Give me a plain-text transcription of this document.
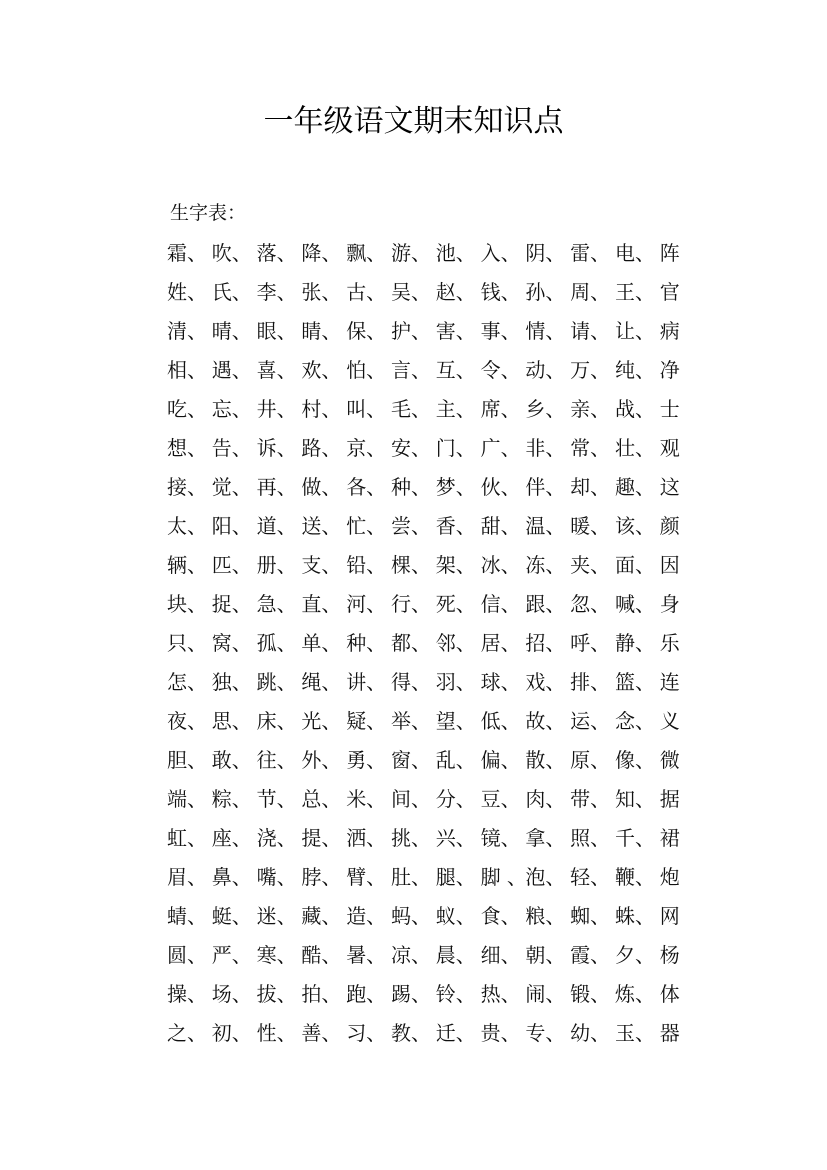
一年级语文期末知识点

生字表：

霜、 吹、 落、 降、 飘、 游、 池、 入、 阴、 雷、 电、 阵
姓、 氏、 李、 张、 古、 吴、 赵、 钱、 孙、 周、 王、 官
清、 晴、 眼、 睛、 保、 护、 害、 事、 情、 请、 让、 病
相、 遇、 喜、 欢、 怕、 言、 互、 令、 动、 万、 纯、 净
吃、 忘、 井、 村、 叫、 毛、 主、 席、 乡、 亲、 战、 士
想、 告、 诉、 路、 京、 安、 门、 广、 非、 常、 壮、 观
接、 觉、 再、 做、 各、 种、 梦、 伙、 伴、 却、 趣、 这
太、 阳、 道、 送、 忙、 尝、 香、 甜、 温、 暖、 该、 颜
辆、 匹、 册、 支、 铅、 棵、 架、 冰、 冻、 夹、 面、 因
块、 捉、 急、 直、 河、 行、 死、 信、 跟、 忽、 喊、 身
只、 窝、 孤、 单、 种、 都、 邻、 居、 招、 呼、 静、 乐
怎、 独、 跳、 绳、 讲、 得、 羽、 球、 戏、 排、 篮、 连
夜、 思、 床、 光、 疑、 举、 望、 低、 故、 运、 念、 义
胆、 敢、 往、 外、 勇、 窗、 乱、 偏、 散、 原、 像、 微
端、 粽、 节、 总、 米、 间、 分、 豆、 肉、 带、 知、 据
虹、 座、 浇、 提、 洒、 挑、 兴、 镜、 拿、 照、 千、 裙
眉、 鼻、 嘴、 脖、 臂、 肚、 腿、 脚 、
泡、 轻、 鞭、 炮
蜻、 蜓、 迷、 藏、 造、 蚂、 蚁、 食、 粮、 蜘、 蛛、 网
圆、 严、 寒、 酷、 暑、 凉、 晨、 细、 朝、 霞、 夕、 杨
操、 场、 拔、 拍、 跑、 踢、 铃、 热、 闹、 锻、 炼、 体
之、 初、 性、 善、 习、 教、 迁、 贵、 专、 幼、 玉、 器
